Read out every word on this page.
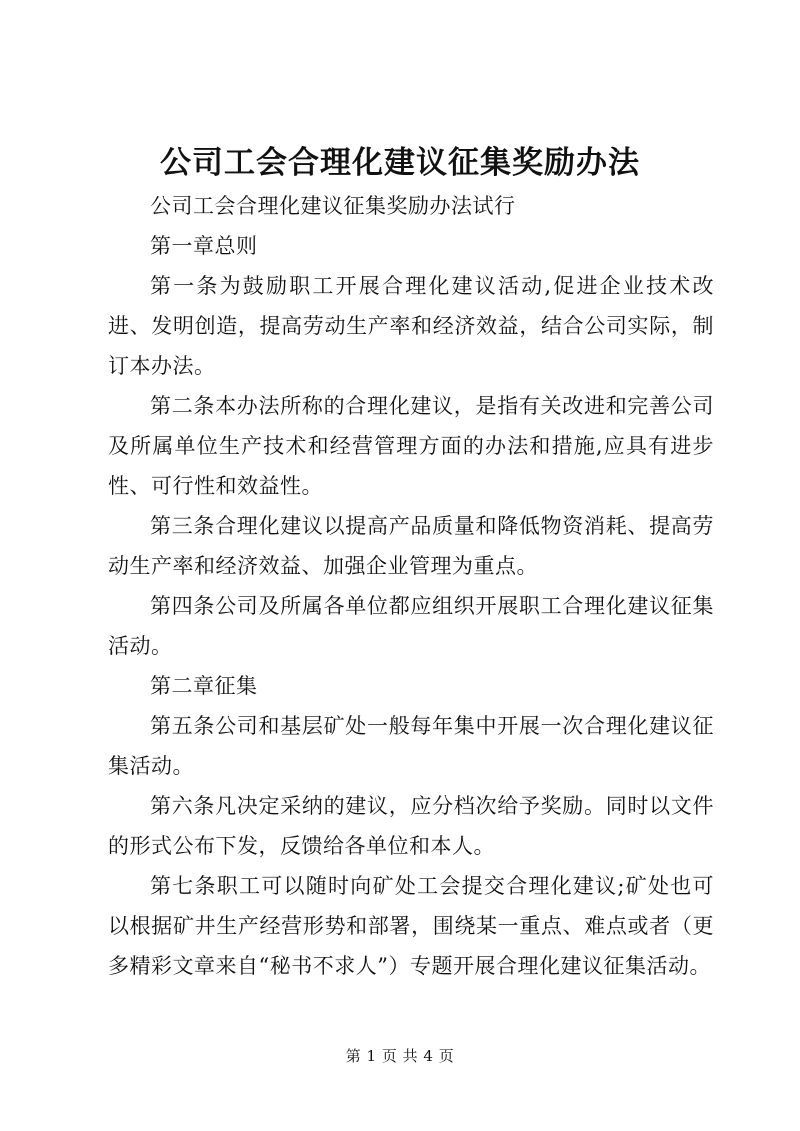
公司工会合理化建议征集奖励办法

公司工会合理化建议征集奖励办法试行

第一章总则

第一条为鼓励职工开展合理化建议活动,促进企业技术改进、发明创造，提高劳动生产率和经济效益，结合公司实际，制订本办法。

第二条本办法所称的合理化建议，是指有关改进和完善公司及所属单位生产技术和经营管理方面的办法和措施,应具有进步性、可行性和效益性。

第三条合理化建议以提高产品质量和降低物资消耗、提高劳动生产率和经济效益、加强企业管理为重点。

第四条公司及所属各单位都应组织开展职工合理化建议征集活动。

第二章征集

第五条公司和基层矿处一般每年集中开展一次合理化建议征集活动。

第六条凡决定采纳的建议，应分档次给予奖励。同时以文件的形式公布下发，反馈给各单位和本人。

第七条职工可以随时向矿处工会提交合理化建议;矿处也可以根据矿井生产经营形势和部署，围绕某一重点、难点或者（更多精彩文章来自“秘书不求人”）专题开展合理化建议征集活动。

第 1 页 共 4 页
